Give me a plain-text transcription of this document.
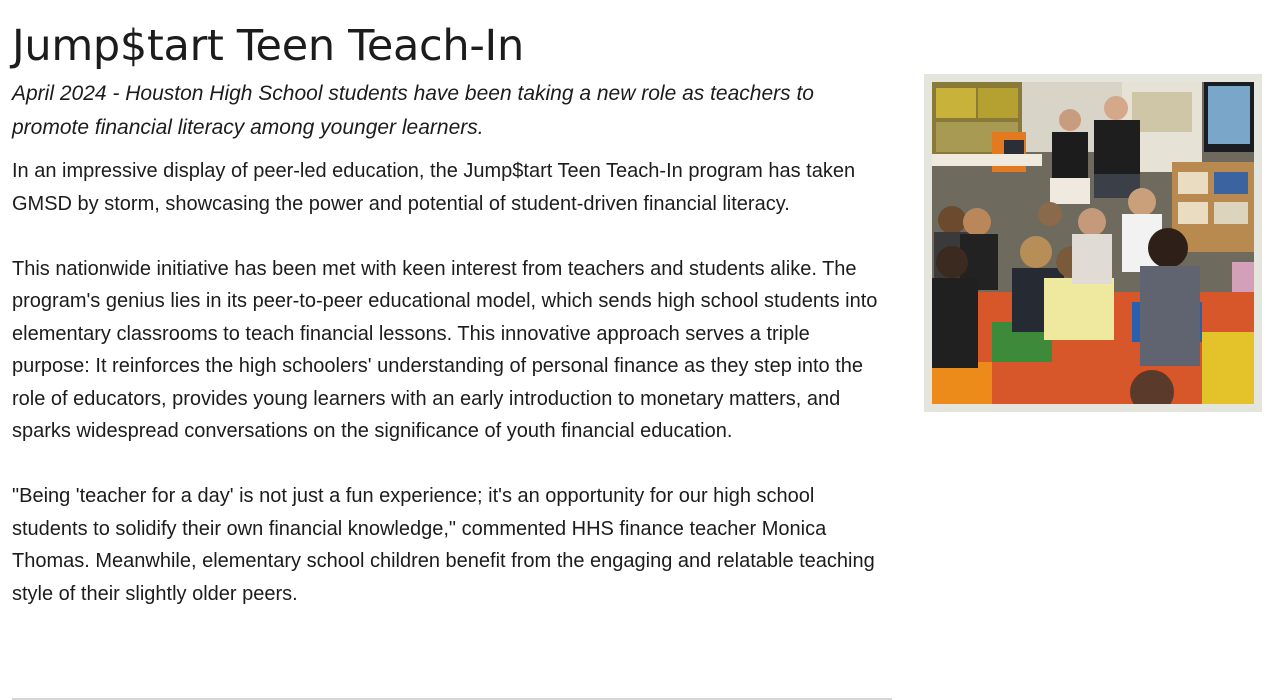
Jump$tart Teen Teach-In
April 2024 - Houston High School students have been taking a new role as teachers to promote financial literacy among younger learners.

In an impressive display of peer-led education, the Jump$tart Teen Teach-In program has taken GMSD by storm, showcasing the power and potential of student-driven financial literacy.

This nationwide initiative has been met with keen interest from teachers and students alike. The program's genius lies in its peer-to-peer educational model, which sends high school students into elementary classrooms to teach financial lessons. This innovative approach serves a triple purpose: It reinforces the high schoolers' understanding of personal finance as they step into the role of educators, provides young learners with an early introduction to monetary matters, and sparks widespread conversations on the significance of youth financial education.

"Being 'teacher for a day' is not just a fun experience; it's an opportunity for our high school students to solidify their own financial knowledge," commented HHS finance teacher Monica Thomas. Meanwhile, elementary school children benefit from the engaging and relatable teaching style of their slightly older peers.
